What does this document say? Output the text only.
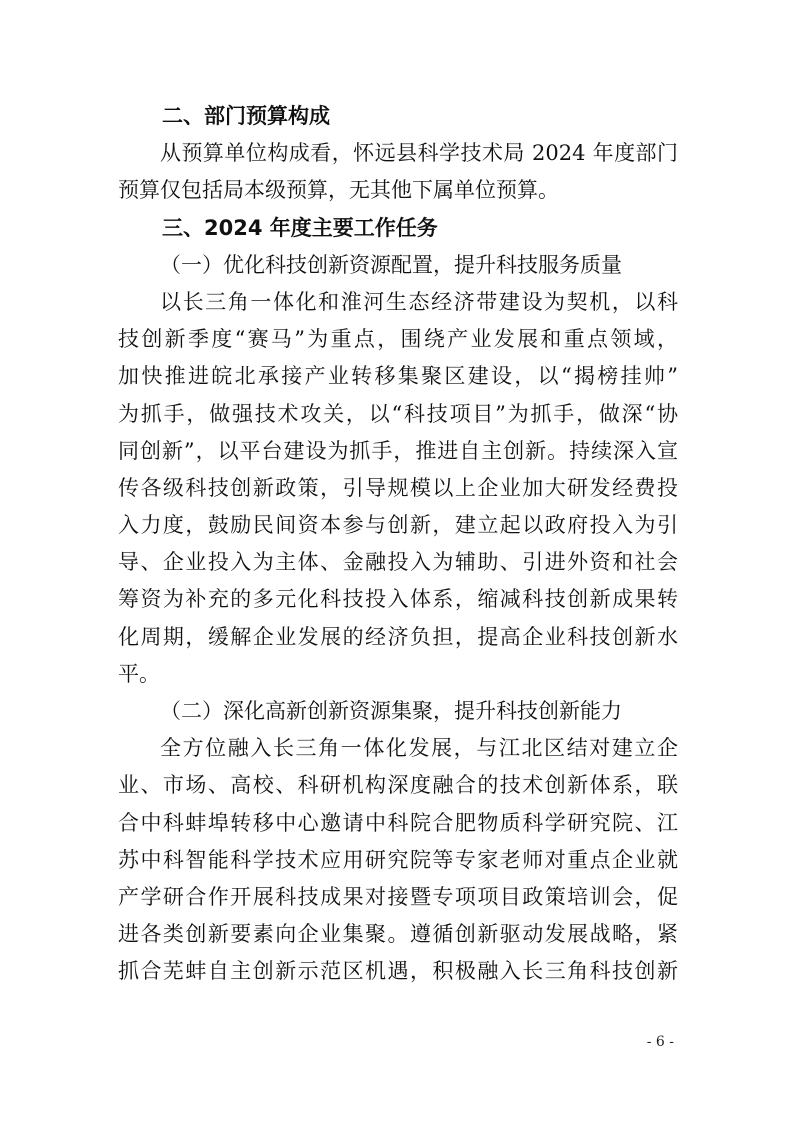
二、部门预算构成
从预算单位构成看，怀远县科学技术局 2024 年度部门
预算仅包括局本级预算，无其他下属单位预算。
三、2024 年度主要工作任务
（一）优化科技创新资源配置，提升科技服务质量
以长三角一体化和淮河生态经济带建设为契机，以科
技创新季度“赛马”为重点，围绕产业发展和重点领域，
加快推进皖北承接产业转移集聚区建设，以“揭榜挂帅”
为抓手，做强技术攻关，以“科技项目”为抓手，做深“协
同创新”，以平台建设为抓手，推进自主创新。持续深入宣
传各级科技创新政策，引导规模以上企业加大研发经费投
入力度，鼓励民间资本参与创新，建立起以政府投入为引
导、企业投入为主体、金融投入为辅助、引进外资和社会
筹资为补充的多元化科技投入体系，缩减科技创新成果转
化周期，缓解企业发展的经济负担，提高企业科技创新水
平。
（二）深化高新创新资源集聚，提升科技创新能力
全方位融入长三角一体化发展，与江北区结对建立企
业、市场、高校、科研机构深度融合的技术创新体系，联
合中科蚌埠转移中心邀请中科院合肥物质科学研究院、江
苏中科智能科学技术应用研究院等专家老师对重点企业就
产学研合作开展科技成果对接暨专项项目政策培训会，促
进各类创新要素向企业集聚。遵循创新驱动发展战略，紧
抓合芜蚌自主创新示范区机遇，积极融入长三角科技创新
- 6 -
